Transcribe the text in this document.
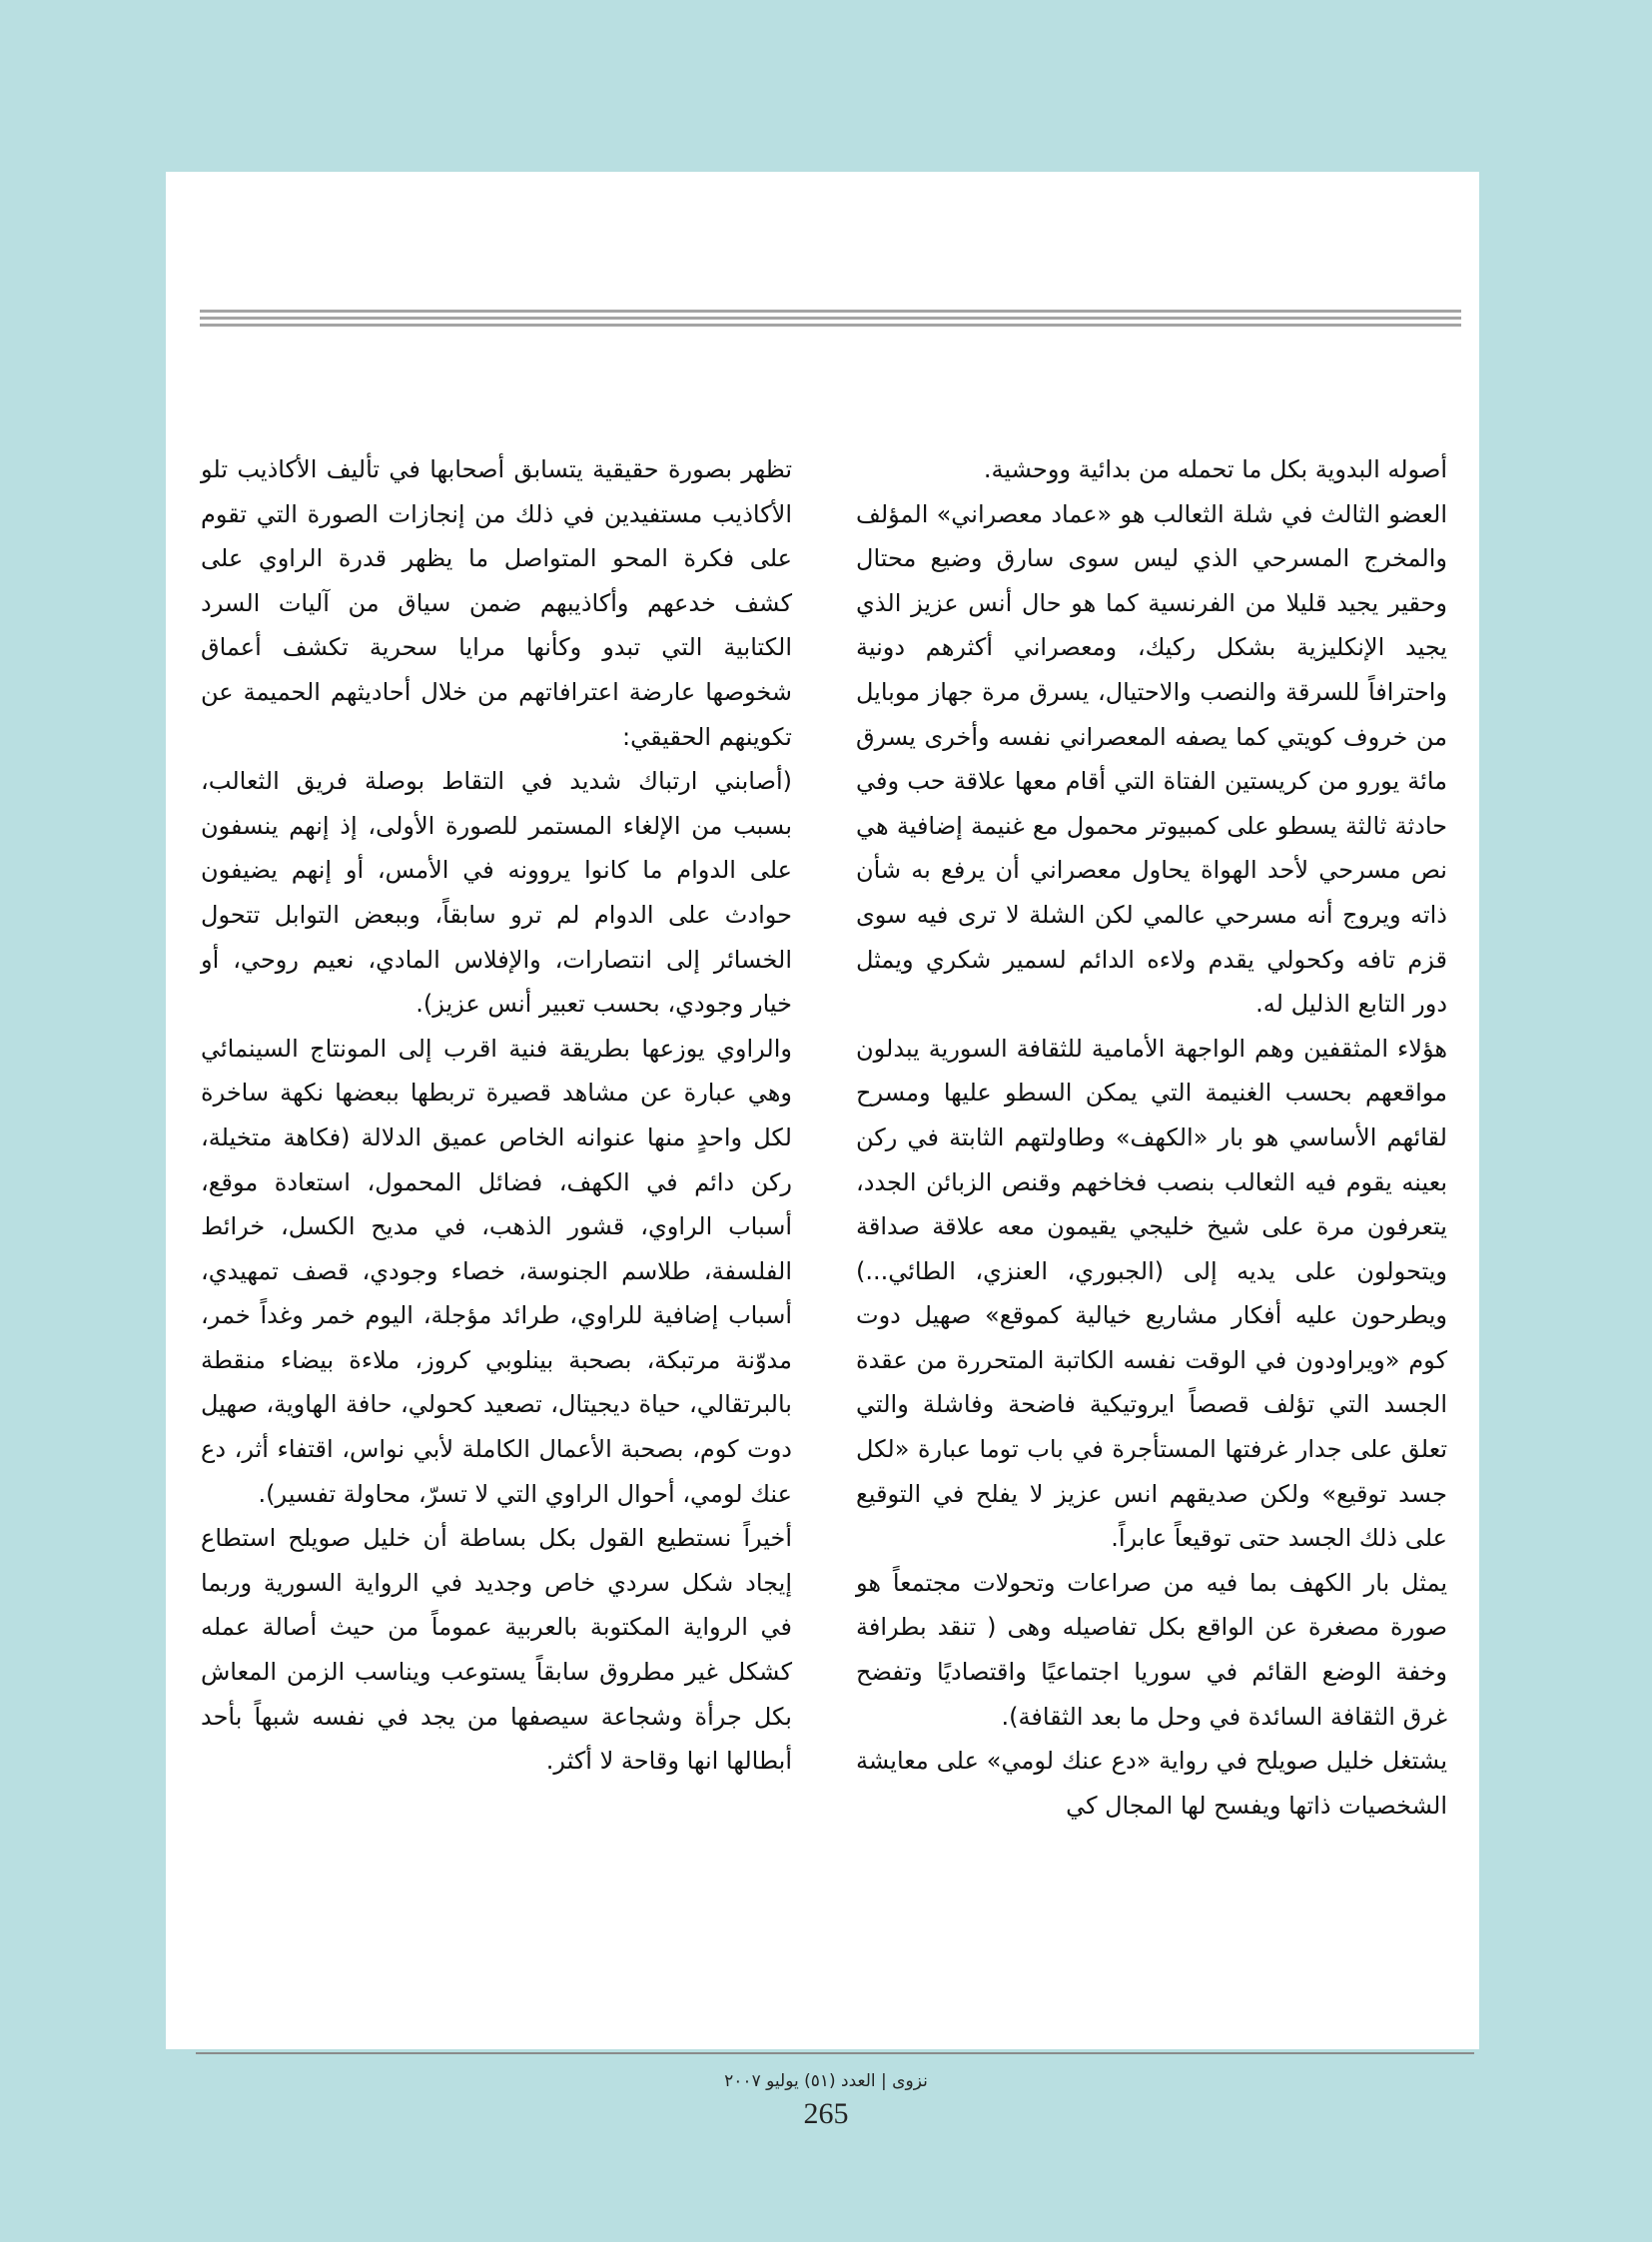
أصوله البدوية بكل ما تحمله من بدائية ووحشية.

العضو الثالث في شلة الثعالب هو «عماد معصراني» المؤلف والمخرج المسرحي الذي ليس سوى سارق وضيع محتال وحقير يجيد قليلا من الفرنسية كما هو حال أنس عزيز الذي يجيد الإنكليزية بشكل ركيك، ومعصراني أكثرهم دونية واحترافاً للسرقة والنصب والاحتيال، يسرق مرة جهاز موبايل من خروف كويتي كما يصفه المعصراني نفسه وأخرى يسرق مائة يورو من كريستين الفتاة التي أقام معها علاقة حب وفي حادثة ثالثة يسطو على كمبيوتر محمول مع غنيمة إضافية هي نص مسرحي لأحد الهواة يحاول معصراني أن يرفع به شأن ذاته ويروج أنه مسرحي عالمي لكن الشلة لا ترى فيه سوى قزم تافه وكحولي يقدم ولاءه الدائم لسمير شكري ويمثل دور التابع الذليل له.

هؤلاء المثقفين وهم الواجهة الأمامية للثقافة السورية يبدلون مواقعهم بحسب الغنيمة التي يمكن السطو عليها ومسرح لقائهم الأساسي هو بار «الكهف» وطاولتهم الثابتة في ركن بعينه يقوم فيه الثعالب بنصب فخاخهم وقنص الزبائن الجدد، يتعرفون مرة على شيخ خليجي يقيمون معه علاقة صداقة ويتحولون على يديه إلى (الجبوري، العنزي، الطائي...) ويطرحون عليه أفكار مشاريع خيالية كموقع» صهيل دوت كوم «ويراودون في الوقت نفسه الكاتبة المتحررة من عقدة الجسد التي تؤلف قصصاً ايروتيكية فاضحة وفاشلة والتي تعلق على جدار غرفتها المستأجرة في باب توما عبارة «لكل جسد توقيع» ولكن صديقهم انس عزيز لا يفلح في التوقيع على ذلك الجسد حتى توقيعاً عابراً.

يمثل بار الكهف بما فيه من صراعات وتحولات مجتمعاً هو صورة مصغرة عن الواقع بكل تفاصيله وهى ( تنقد بطرافة وخفة الوضع القائم في سوريا اجتماعيًا واقتصاديًا وتفضح غرق الثقافة السائدة في وحل ما بعد الثقافة).

يشتغل خليل صويلح في رواية «دع عنك لومي» على معايشة الشخصيات ذاتها ويفسح لها المجال كي

تظهر بصورة حقيقية يتسابق أصحابها في تأليف الأكاذيب تلو الأكاذيب مستفيدين في ذلك من إنجازات الصورة التي تقوم على فكرة المحو المتواصل ما يظهر قدرة الراوي على كشف خدعهم وأكاذيبهم ضمن سياق من آليات السرد الكتابية التي تبدو وكأنها مرايا سحرية تكشف أعماق شخوصها عارضة اعترافاتهم من خلال أحاديثهم الحميمة عن تكوينهم الحقيقي:

(أصابني ارتباك شديد في التقاط بوصلة فريق الثعالب، بسبب من الإلغاء المستمر للصورة الأولى، إذ إنهم ينسفون على الدوام ما كانوا يروونه في الأمس، أو إنهم يضيفون حوادث على الدوام لم ترو سابقاً، وببعض التوابل تتحول الخسائر إلى انتصارات، والإفلاس المادي، نعيم روحي، أو خيار وجودي، بحسب تعبير أنس عزيز).

والراوي يوزعها بطريقة فنية اقرب إلى المونتاج السينمائي وهي عبارة عن مشاهد قصيرة تربطها ببعضها نكهة ساخرة لكل واحدٍ منها عنوانه الخاص عميق الدلالة (فكاهة متخيلة، ركن دائم في الكهف، فضائل المحمول، استعادة موقع، أسباب الراوي، قشور الذهب، في مديح الكسل، خرائط الفلسفة، طلاسم الجنوسة، خصاء وجودي، قصف تمهيدي، أسباب إضافية للراوي، طرائد مؤجلة، اليوم خمر وغداً خمر، مدوّنة مرتبكة، بصحبة بينلوبي كروز، ملاءة بيضاء منقطة بالبرتقالي، حياة ديجيتال، تصعيد كحولي، حافة الهاوية، صهيل دوت كوم، بصحبة الأعمال الكاملة لأبي نواس، اقتفاء أثر، دع عنك لومي، أحوال الراوي التي لا تسرّ، محاولة تفسير).

أخيراً نستطيع القول بكل بساطة أن خليل صويلح استطاع إيجاد شكل سردي خاص وجديد في الرواية السورية وربما في الرواية المكتوبة بالعربية عموماً من حيث أصالة عمله كشكل غير مطروق سابقاً يستوعب ويناسب الزمن المعاش بكل جرأة وشجاعة سيصفها من يجد في نفسه شبهاً بأحد أبطالها انها وقاحة لا أكثر.

نزوى | العدد (٥١) يوليو ٢٠٠٧
265
